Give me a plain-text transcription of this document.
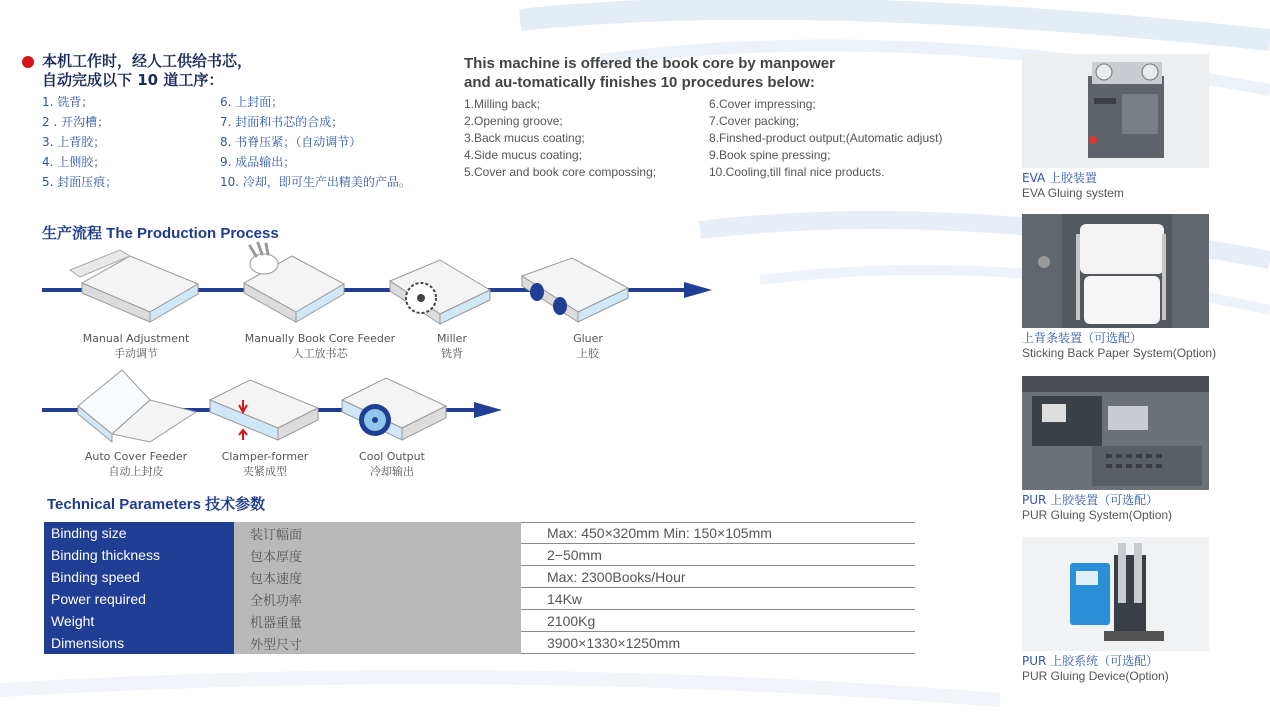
本机工作时，经人工供给书芯，
自动完成以下 10 道工序：
1. 铣背；	6. 上封面；
2 . 开沟槽；	7. 封面和书芯的合成；
3. 上背胶；	8. 书脊压紧；（自动调节）
4. 上侧胶；	9. 成品输出；
5. 封面压痕；	10. 冷却，即可生产出精美的产品。
This machine is offered the book core by manpower
and au-tomatically finishes 10 procedures below:
1.Milling back;	6.Cover impressing;
2.Opening groove;	7.Cover packing;
3.Back mucus coating;	8.Finshed-product output;(Automatic adjust)
4.Side mucus coating;	9.Book spine pressing;
5.Cover and book core compossing;	10.Cooling,till final nice products.
生产流程 The Production Process
Manual Adjustment
手动调节
Manually Book Core Feeder
人工放书芯
Miller
铣背
Gluer
上胶
Auto Cover Feeder
自动上封皮
Clamper-former
夹紧成型
Cool Output
冷却输出
Technical Parameters 技术参数
Binding size	装订幅面	Max: 450×320mm Min: 150×105mm
Binding thickness	包本厚度	2−50mm
Binding speed	包本速度	Max: 2300Books/Hour
Power required	全机功率	14Kw
Weight	机器重量	2100Kg
Dimensions	外型尺寸	3900×1330×1250mm
EVA 上胶装置
EVA Gluing system
上背条装置（可选配）
Sticking Back Paper System(Option)
PUR 上胶装置（可选配）
PUR Gluing System(Option)
PUR 上胶系统（可选配）
PUR Gluing Device(Option)
